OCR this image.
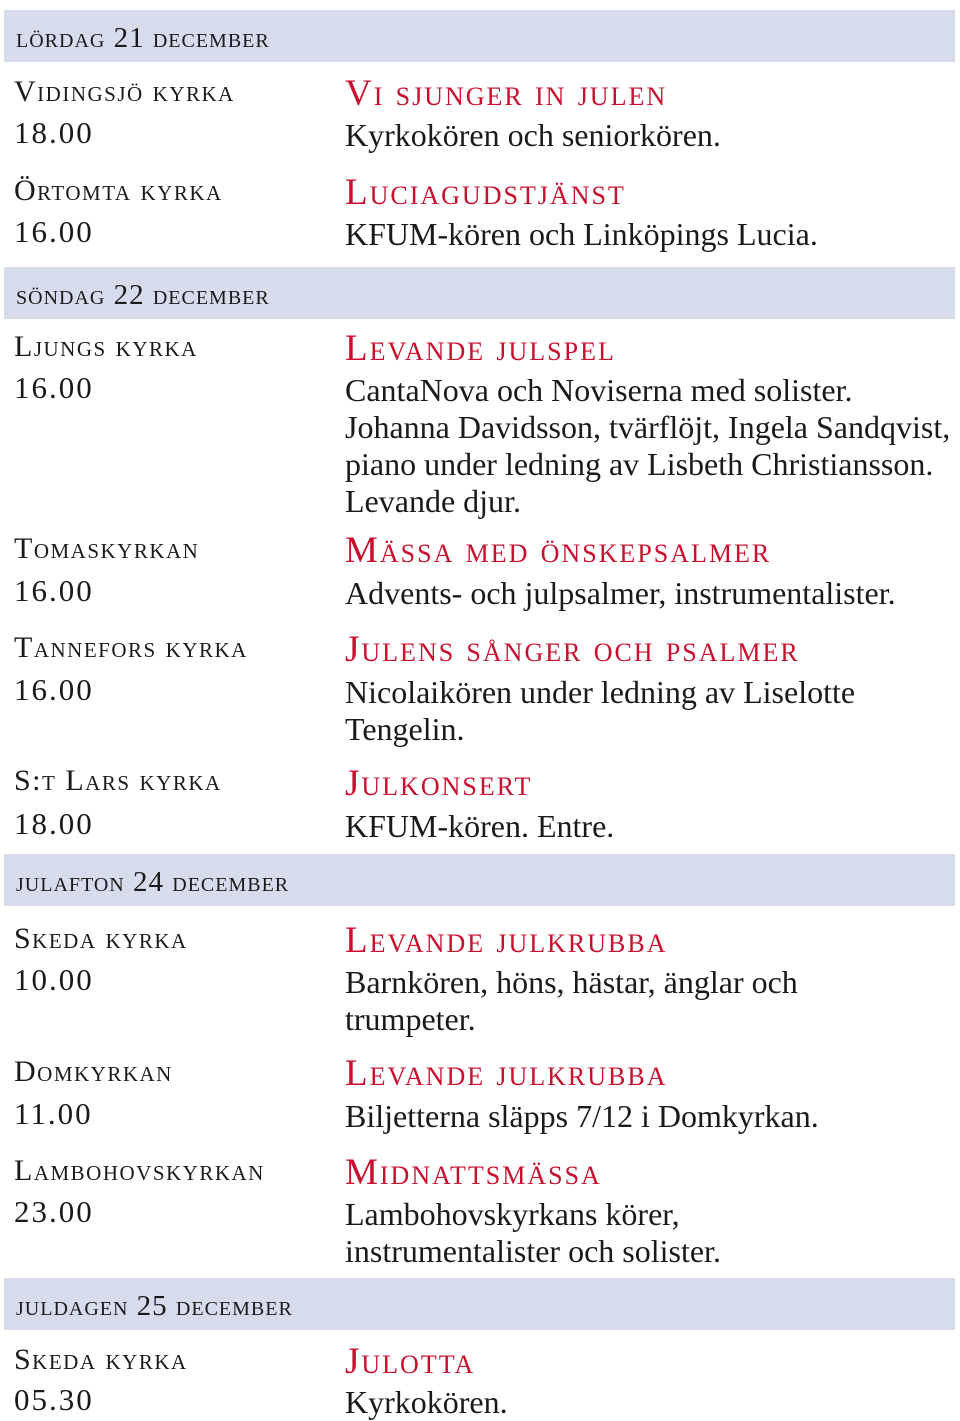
lördag 21 december
Vidingsjö kyrka
18.00
Vi sjunger in julen
Kyrkokören och seniorkören.
Örtomta kyrka
16.00
Luciagudstjänst
KFUM-kören och Linköpings Lucia.
söndag 22 december
Ljungs kyrka
16.00
Levande julspel
CantaNova och Noviserna med solister. Johanna Davidsson, tvärflöjt, Ingela Sandqvist, piano under ledning av Lisbeth Christiansson. Levande djur.
Tomaskyrkan
16.00
Mässa med önskepsalmer
Advents- och julpsalmer, instrumentalister.
Tannefors kyrka
16.00
Julens sånger och psalmer
Nicolaikören under ledning av Liselotte Tengelin.
S:t Lars kyrka
18.00
Julkonsert
KFUM-kören. Entre.
julafton 24 december
Skeda kyrka
10.00
Levande julkrubba
Barnkören, höns, hästar, änglar och trumpeter.
Domkyrkan
11.00
Levande julkrubba
Biljetterna släpps 7/12 i Domkyrkan.
Lambohovskyrkan
23.00
Midnattsmässa
Lambohovskyrkans körer, instrumentalister och solister.
juldagen 25 december
Skeda kyrka
05.30
Julotta
Kyrkokören.
